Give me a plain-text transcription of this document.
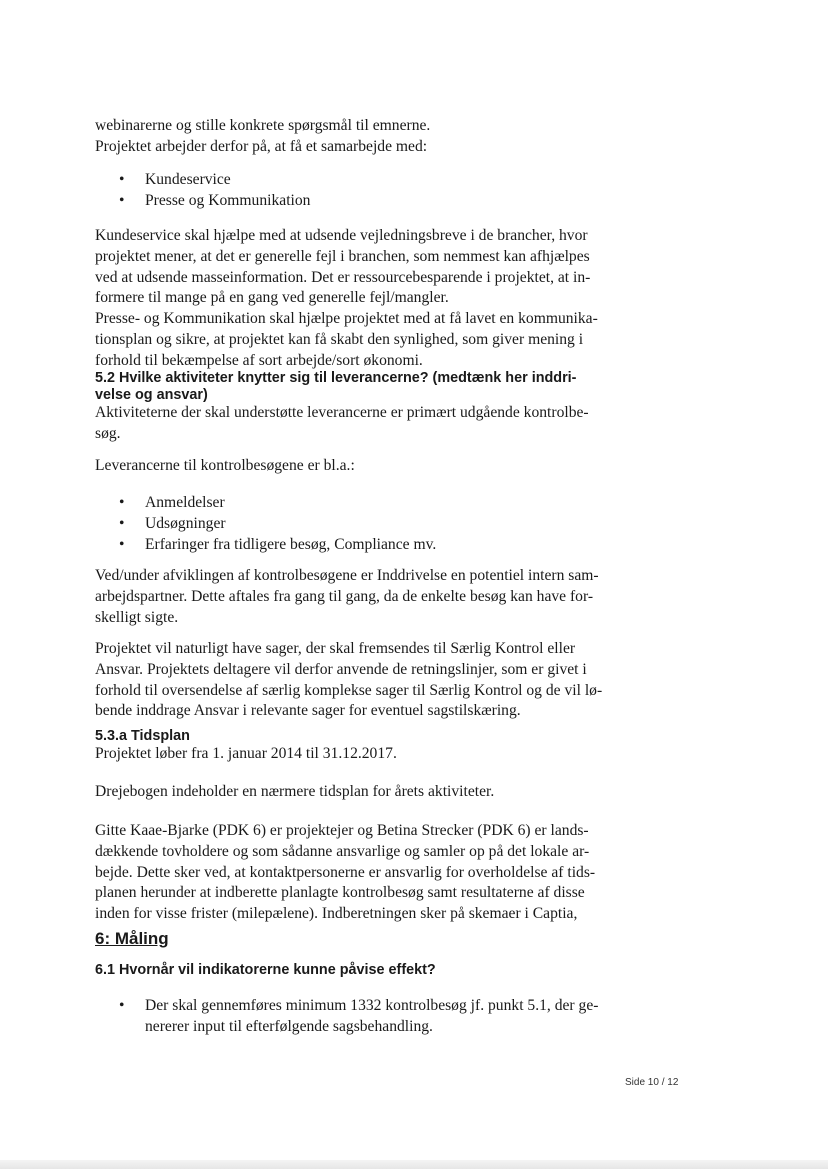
webinarerne og stille konkrete spørgsmål til emnerne.
Projektet arbejder derfor på, at få et samarbejde med:

• Kundeservice
• Presse og Kommunikation

Kundeservice skal hjælpe med at udsende vejledningsbreve i de brancher, hvor
projektet mener, at det er generelle fejl i branchen, som nemmest kan afhjælpes
ved at udsende masseinformation. Det er ressourcebesparende i projektet, at in-
formere til mange på en gang ved generelle fejl/mangler.
Presse- og Kommunikation skal hjælpe projektet med at få lavet en kommunika-
tionsplan og sikre, at projektet kan få skabt den synlighed, som giver mening i
forhold til bekæmpelse af sort arbejde/sort økonomi.

5.2 Hvilke aktiviteter knytter sig til leverancerne? (medtænk her inddri-
velse og ansvar)

Aktiviteterne der skal understøtte leverancerne er primært udgående kontrolbe-
søg.

Leverancerne til kontrolbesøgene er bl.a.:

• Anmeldelser
• Udsøgninger
• Erfaringer fra tidligere besøg, Compliance mv.

Ved/under afviklingen af kontrolbesøgene er Inddrivelse en potentiel intern sam-
arbejdspartner. Dette aftales fra gang til gang, da de enkelte besøg kan have for-
skelligt sigte.

Projektet vil naturligt have sager, der skal fremsendes til Særlig Kontrol eller
Ansvar. Projektets deltagere vil derfor anvende de retningslinjer, som er givet i
forhold til oversendelse af særlig komplekse sager til Særlig Kontrol og de vil lø-
bende inddrage Ansvar i relevante sager for eventuel sagstilskæring.

5.3.a Tidsplan

Projektet løber fra 1. januar 2014 til 31.12.2017.

Drejebogen indeholder en nærmere tidsplan for årets aktiviteter.

Gitte Kaae-Bjarke (PDK 6) er projektejer og Betina Strecker (PDK 6) er lands-
dækkende tovholdere og som sådanne ansvarlige og samler op på det lokale ar-
bejde. Dette sker ved, at kontaktpersonerne er ansvarlig for overholdelse af tids-
planen herunder at indberette planlagte kontrolbesøg samt resultaterne af disse
inden for visse frister (milepælene). Indberetningen sker på skemaer i Captia,

6: Måling
6.1 Hvornår vil indikatorerne kunne påvise effekt?
• Der skal gennemføres minimum 1332 kontrolbesøg jf. punkt 5.1, der ge-
nererer input til efterfølgende sagsbehandling.
Side 10 / 12
